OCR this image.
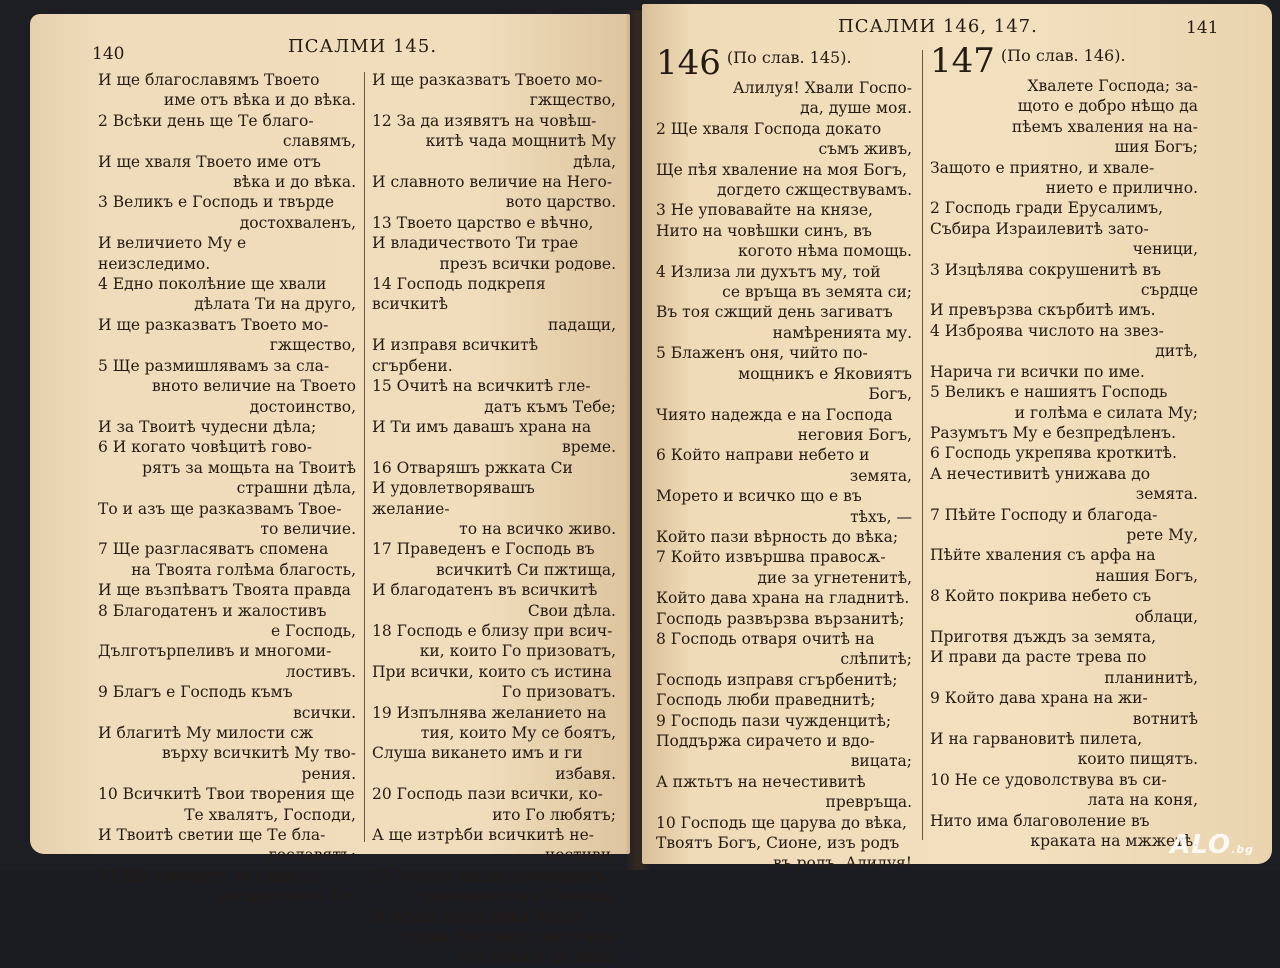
140	ПСАЛМИ 145.
И ще благославямъ Твоето
име отъ вѣка и до вѣка.
2 Всѣки день ще Те благо-
славямъ,
И ще хваля Твоето име отъ
вѣка и до вѣка.
3 Великъ е Господь и твърде
достохваленъ,
И величието Му е неизследимо.
4 Едно поколѣние ще хвали
дѣлата Ти на друго,
И ще разказватъ Твоето мо-
гжщество,
5 Ще размишлявамъ за сла-
вното величие на Твоето
достоинство,
И за Твоитѣ чудесни дѣла;
6 И когато човѣцитѣ гово-
рятъ за мощьта на Твоитѣ
страшни дѣла,
То и азъ ще разказвамъ Твое-
то величие.
7 Ще разгласяватъ спомена
на Твоята голѣма благость,
И ще възпѣватъ Твоята правда
8 Благодатенъ и жалостивъ
е Господь,
Дълготърпеливъ и многоми-
лостивъ.
9 Благъ е Господь къмъ
всички.
И благитѣ Му милости сж
върху всичкитѣ Му тво-
рения.
10 Всичкитѣ Твои творения ще
Те хвалятъ, Господи,
И Твоитѣ светии ще Те бла-
гославятъ;
11 Ще говорятъ за славата
на царството Ти,
И ще разказватъ Твоето мо-
гжщество,
12 За да изявятъ на човѣш-
китѣ чада мощнитѣ Му
дѣла,
И славното величие на Него-
вото царство.
13 Твоето царство е вѣчно,
И владичеството Ти трае
презъ всички родове.
14 Господь подкрепя всичкитѣ
падащи,
И изправя всичкитѣ сгърбени.
15 Очитѣ на всичкитѣ гле-
датъ къмъ Тебе;
И Ти имъ давашъ храна на
време.
16 Отваряшъ ржката Си
И удовлетворявашъ желание-
то на всичко живо.
17 Праведенъ е Господь въ
всичкитѣ Си пжтища,
И благодатенъ въ всичкитѣ
Свои дѣла.
18 Господь е близу при всич-
ки, които Го призоватъ,
При всички, които съ истина
Го призоватъ.
19 Изпълнява желанието на
тия, които Му се боятъ,
Слуша викането имъ и ги
избавя.
20 Господь пази всички, ко-
ито Го любятъ;
А ще изтрѣби всичкитѣ не-
честиви.
21 Устата ми ще изговарятъ
хвалението на Господа;
И всѣка тварь нека благо-
славя Неговото свето име
отъ вѣка и до вѣка.
ПСАЛМИ 146, 147.	141
146 (По слав. 145).
Алилуя! Хвали Госпо-
да, душе моя.
2 Ще хваля Господа докато
съмъ живъ,
Ще пѣя хваление на моя Богъ,
догдето сжществувамъ.
3 Не уповавайте на князе,
Нито на човѣшки синъ, въ
когото нѣма помощь.
4 Излиза ли духътъ му, той
се връща въ земята си;
Въ тоя сжщий день загиватъ
намѣренията му.
5 Блаженъ оня, чийто по-
мощникъ е Яковиятъ
Богъ,
Чиято надежда е на Господа
неговия Богъ,
6 Който направи небето и
земята,
Морето и всичко що е въ
тѣхъ, —
Който пази вѣрность до вѣка;
7 Който извършва правосѫ-
дие за угнетенитѣ,
Който дава храна на гладнитѣ.
Господь развързва вързанитѣ;
8 Господь отваря очитѣ на
слѣпитѣ;
Господь изправя сгърбенитѣ;
Господь люби праведнитѣ;
9 Господь пази чужденцитѣ;
Поддържа сирачето и вдо-
вицата;
А пжтьтъ на нечестивитѣ
превръща.
10 Господь ще царува до вѣка,
Твоятъ Богъ, Сионе, изъ родъ
въ родъ. Алилуя!
147 (По слав. 146).
Хвалете Господа; за-
щото е добро нѣщо да
пѣемъ хваления на на-
шия Богъ;
Защото е приятно, и хвале-
нието е прилично.
2 Господь гради Ерусалимъ,
Събира Израилевитѣ зато-
ченици,
3 Изцѣлява сокрушенитѣ въ
сърдце
И превързва скърбитѣ имъ.
4 Изброява числото на звез-
дитѣ,
Нарича ги всички по име.
5 Великъ е нашиятъ Господь
и голѣма е силата Му;
Разумътъ Му е безпредѣленъ.
6 Господь укрепява кроткитѣ.
А нечестивитѣ унижава до
земята.
7 Пѣйте Господу и благода-
рете Му,
Пѣйте хваления съ арфа на
нашия Богъ,
8 Който покрива небето съ
облаци,
Приготвя дъждъ за земята,
И прави да расте трева по
планинитѣ,
9 Който дава храна на жи-
вотнитѣ
И на гарвановитѣ пилета,
които пищятъ.
10 Не се удоволствува въ си-
лата на коня,
Нито има благоволение въ
краката на мжжетѣ.
ALO.bg
